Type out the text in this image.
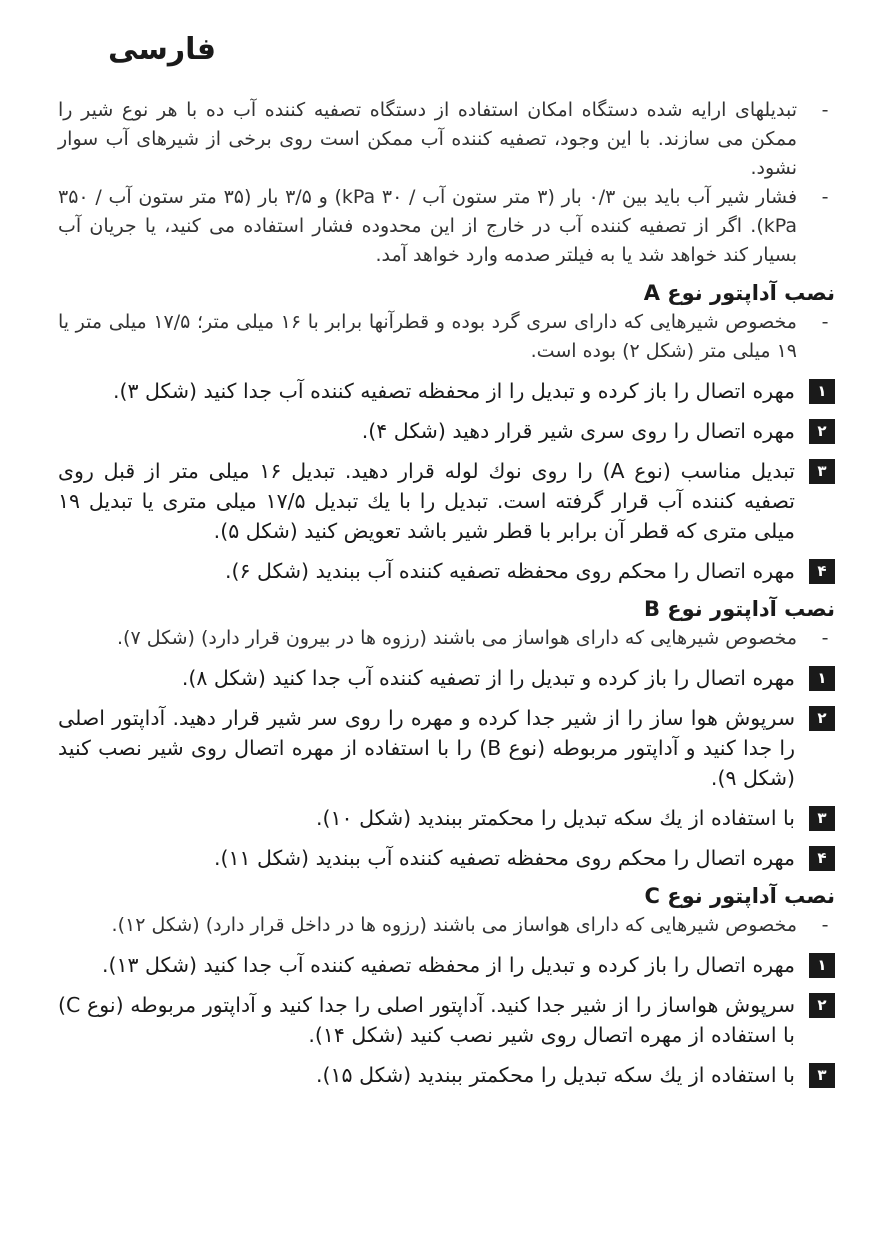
فارسی
-
تبدیلهای ارایه شده دستگاه امکان استفاده از دستگاه تصفیه کننده آب ده با هر نوع شیر را ممکن می سازند. با این وجود، تصفیه کننده آب ممکن است روی برخی از شیرهای آب سوار نشود.
-
فشار شیر آب باید بین ۰/۳ بار (۳ متر ستون آب / ۳۰ kPa) و ۳/۵ بار (۳۵ متر ستون آب / ۳۵۰ kPa). اگر از تصفیه کننده آب در خارج از این محدوده فشار استفاده می کنید، یا جریان آب بسیار کند خواهد شد یا به فیلتر صدمه وارد خواهد آمد.
نصب آداپتور نوع A
-
مخصوص شیرهایی که دارای سری گرد بوده و قطرآنها برابر با ۱۶ میلی متر؛ ۱۷/۵ میلی متر یا ۱۹ میلی متر (شکل ۲) بوده است.
۱
مهره اتصال را باز کرده و تبدیل را از محفظه تصفیه کننده آب جدا کنید (شکل ۳).
۲
مهره اتصال را روی سری شیر قرار دهید (شکل ۴).
۳
تبدیل مناسب (نوع A) را روی نوك لوله قرار دهید. تبدیل ۱۶ میلی متر از قبل روی تصفیه کننده آب قرار گرفته است. تبدیل را با یك تبدیل ۱۷/۵ میلی متری یا تبدیل ۱۹ میلی متری که قطر آن برابر با قطر شیر باشد تعویض کنید (شکل ۵).
۴
مهره اتصال را محکم روی محفظه تصفیه کننده آب ببندید (شکل ۶).
نصب آداپتور نوع B
-
مخصوص شیرهایی که دارای هواساز می باشند (رزوه ها در بیرون قرار دارد) (شکل ۷).
۱
مهره اتصال را باز کرده و تبدیل را از تصفیه کننده آب جدا کنید (شکل ۸).
۲
سرپوش هوا ساز را از شیر جدا کرده و مهره را روی سر شیر قرار دهید. آداپتور اصلی را جدا کنید و آداپتور مربوطه (نوع B) را با استفاده از مهره اتصال روی شیر نصب کنید (شکل ۹).
۳
با استفاده از یك سکه تبدیل را محکمتر ببندید (شکل ۱۰).
۴
مهره اتصال را محکم روی محفظه تصفیه کننده آب ببندید (شکل ۱۱).
نصب آداپتور نوع C
-
مخصوص شیرهایی که دارای هواساز می باشند (رزوه ها در داخل قرار دارد) (شکل ۱۲).
۱
مهره اتصال را باز کرده و تبدیل را از محفظه تصفیه کننده آب جدا کنید (شکل ۱۳).
۲
سرپوش هواساز را از شیر جدا کنید. آداپتور اصلی را جدا کنید و آداپتور مربوطه (نوع C) با استفاده از مهره اتصال روی شیر نصب کنید (شکل ۱۴).
۳
با استفاده از یك سکه تبدیل را محکمتر ببندید (شکل ۱۵).
